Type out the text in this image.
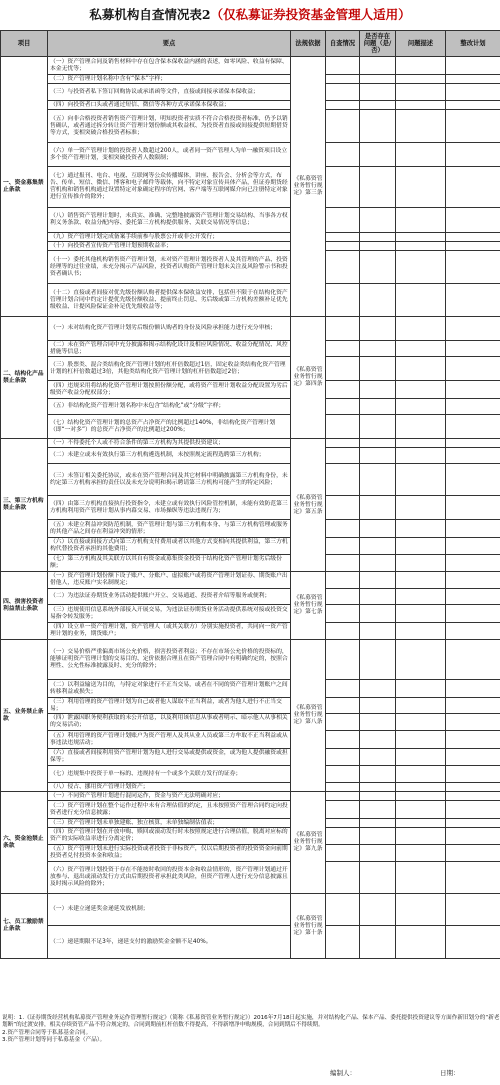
私募机构自查情况表2（仅私募证券投资基金管理人适用）
项目	要点	法规依据	自查情况	是否存在问题（是/否）	问题描述	整改计划
一、资金募集禁止条款	（一）资产管理合同及销售材料中存在包含保本保收益内涵的表述，如零风险、收益有保障、本金无忧等；	《私募资管业务暂行规定》第三条				
	（二）资产管理计划名称中含有“保本”字样；					
	（三）与投资者私下签订回购协议或承诺函等文件，直接或间接承诺保本保收益；					
	（四）向投资者口头或者通过短信、微信等各种方式承诺保本保收益；					
	（五）向非合格投资者销售资产管理计划，明知投资者实质不符合合格投资者标准，仍予以销售确认，或者通过拆分转让资产管理计划份额或其收益权、为投资者直接或间接提供短期借贷等方式，变相突破合格投资者标准；					
	（六）单一资产管理计划的投资者人数超过200人，或者同一资产管理人为单一融资项目设立多个资产管理计划，变相突破投资者人数限制；					
	（七）通过报刊、电台、电视、互联网等公众传播媒体，讲座、报告会、分析会等方式，布告、传单、短信、微信、博客和电子邮件等载体，向不特定对象宣传具体产品，但证券期货经营机构和销售机构通过设置特定对象确定程序的官网、客户端等互联网媒介向已注册特定对象进行宣传推介的除外；					
	（八）销售资产管理计划时，未真实、准确、完整地披露资产管理计划交易结构、当事各方权利义务条款、收益分配内容、委托第三方机构提供服务、关联交易情况等信息；					
	（九）资产管理计划完成备案手续前参与股票公开或非公开发行；					
	（十）向投资者宣传资产管理计划预期收益率；					
	（十一）委托其他机构销售资产管理计划，未对资产管理计划投资者人及其管理的产品、投资经理等的过往业绩，未充分揭示产品风险，投资者认购资产管理计划未关注及风险警示书和投资者确认书；					
	（十二）直接或者间接对优先级份额认购者提供保本保收益安排，包括但不限于在结构化资产管理计划合同中约定计提优先级份额收益、提前终止罚息、劣后级或第三方机构差额补足优先级收益、计提风险保证金补足优先级收益等；					
二、结构化产品禁止条款	（一）未对结构化资产管理计划劣后级份额认购者的身份及风险承担能力进行充分审核；	《私募资管业务暂行规定》第四条				
	（二）未在资产管理合同中充分披露和揭示结构化设计及相应风险情况、收益分配情况、风控措施等信息；					
	（三）股票类、混合类结构化资产管理计划的杠杆倍数超过1倍，固定收益类结构化资产管理计划的杠杆倍数超过3倍，其他类结构化资产管理计划的杠杆倍数超过2倍；					
	（四）违规采用将结构化资产管理计划按照份额分配，或将资产管理计划收益分配设置为劣后级资产收益分配权部分；					
	（五）非结构化资产管理计划名称中未包含“结构化”或“分级”字样；					
	（七）结构化资产管理计划的总资产占净资产的比例超过140%，非结构化资产管理计划（即“一对多”）的总资产占净资产的比例超过200%；					
三、第三方机构禁止条款	（一）不得委托个人或不符合条件的第三方机构为其提供投资建议；	《私募资管业务暂行规定》第五条				
	（二）未建立或未有效执行第三方机构遴选机制，未按照规定流程选聘第三方机构；					
	（三）未签订相关委托协议，或未在资产管理合同及其它材料中明确披露第三方机构身份，未约定第三方机构承担的责任以及未充分说明和揭示聘请第三方机构可能产生的特定风险；					
	（四）由第三方机构直接执行投资指令，未建立或有效执行风险管控机制，未能有效防范第三方机构利用资产管理计划从事内幕交易、市场操纵等违法违规行为；					
	（五）未建立利益冲突防范机制，资产管理计划与第三方机构本身、与第三方机构管理或服务的其他产品之间存在利益冲突的情形；					
	（六）以直接或间接方式向第三方机构支付费用或者以其他方式变相向其提供利益，第三方机构代替投资者承担的其他费用；					
	（七）第三方机构及其关联方以其自有资金或募集资金投资于结构化资产管理计划劣后级份额；					
四、损害投资者利益禁止条款	（一）资产管理计划份额下设子账户、分账户、虚拟账户或将资产管理计划证券、期货账户出借他人，违反账户实名制规定；	《私募资管业务暂行规定》第七条				
	（二）为违法证券期货业务活动提供账户开立、交易通道、投资者介绍等服务或便利；					
	（三）违规使用信息系统外部接入开展交易，为违法证券期货业务活动提供系统对接或投资交易指令转发服务；					
	（四）设立单一资产管理计划，资产管理人（或其关联方）分别实施投资者，共同向一资产管理计划的业务，期货账户；					
五、业务禁止条款	（一）交易价格严重偏离市场公允价格，损害投资者利益；不存在市场公允价格的投资标的，能够证明资产管理计划的交易目的、定价依据合理且在资产管理合同中有明确约定的，按照合理性、公允性标准披露及时、充分的除外；	《私募资管业务暂行规定》第八条				
	（二）以利益输送为目的，与特定对象进行不正当交易，或者在不同的资产管理计划账户之间转移利益或损失；					
	（三）利用管理的资产管理计划为自己或者他人谋取不正当利益，或者为他人进行不正当交易；					
	（四）泄露因职务便利获取的未公开信息，以及利用该信息从事或者明示、暗示他人从事相关的交易活动；					
	（五）利用管理的资产管理计划账户为资产管理人及其从业人员或第三方牟取不正当利益或从事违法违规活动；					
	（六）直接或者间接利用资产管理计划为他人进行交易或提供或资金，或为他人提供融资或担保等；					
	（七）违规集中投资于单一标的、违规持有一个或多个关联方发行的证券；					
	（八）侵占、挪用资产管理计划资产；					
六、资金池禁止条款	（一）不同资产管理计划进行混同运作，资金与资产无法明确对应；	《私募资管业务暂行规定》第九条				
	（二）资产管理计划在整个运作过程中未有合理估值的约定，且未按照资产管理合同约定向投资者进行充分信息披露；					
	（三）资产管理计划未单独建账、独立核算，未单独编制估值表；					
	（四）资产管理计划在开放申购、赎回或滚动发行时未按照规定进行合理估值，脱离对应标的资产的实际收益率进行分离定价；					
	（五）资产管理计划未进行实际投资或者投资于非标资产，仅以后期投资者的投资资金向前期投资者兑付投资本金和收益；					
	（六）资产管理计划投资于存在不能按时收回的投资本金和收益情形的，资产管理计划通过开放参与、退出或滚动发行方式由后期投资者承担此类风险，但资产管理人进行充分信息披露且及时揭示风险的除外；					
七、员工激励禁止条款	（一）未建立递延奖金递延发放机制；	《私募资管业务暂行规定》第十条				
	（二）递延期限不足3年，递延支付的激励奖金金额不足40%。					

说明：1.《证券期货经营机构私募资产管理业务运作管理暂行规定》（简称《私募资管业务暂行规定》）2016年7月18日起实施，并对结构化产品、保本产品、委托提供投资建议等方面作新旧划分的“新老划断”的过渡安排，相关存续资管产品不符合规定的，合同到期前杠杆倍数不得提高，不得新增净申购规模，合同到期后不得续期。

2.资产管理合同等于私募基金合同。

3.资产管理计划等同于私募基金（产品）。

编制人：	日期：
